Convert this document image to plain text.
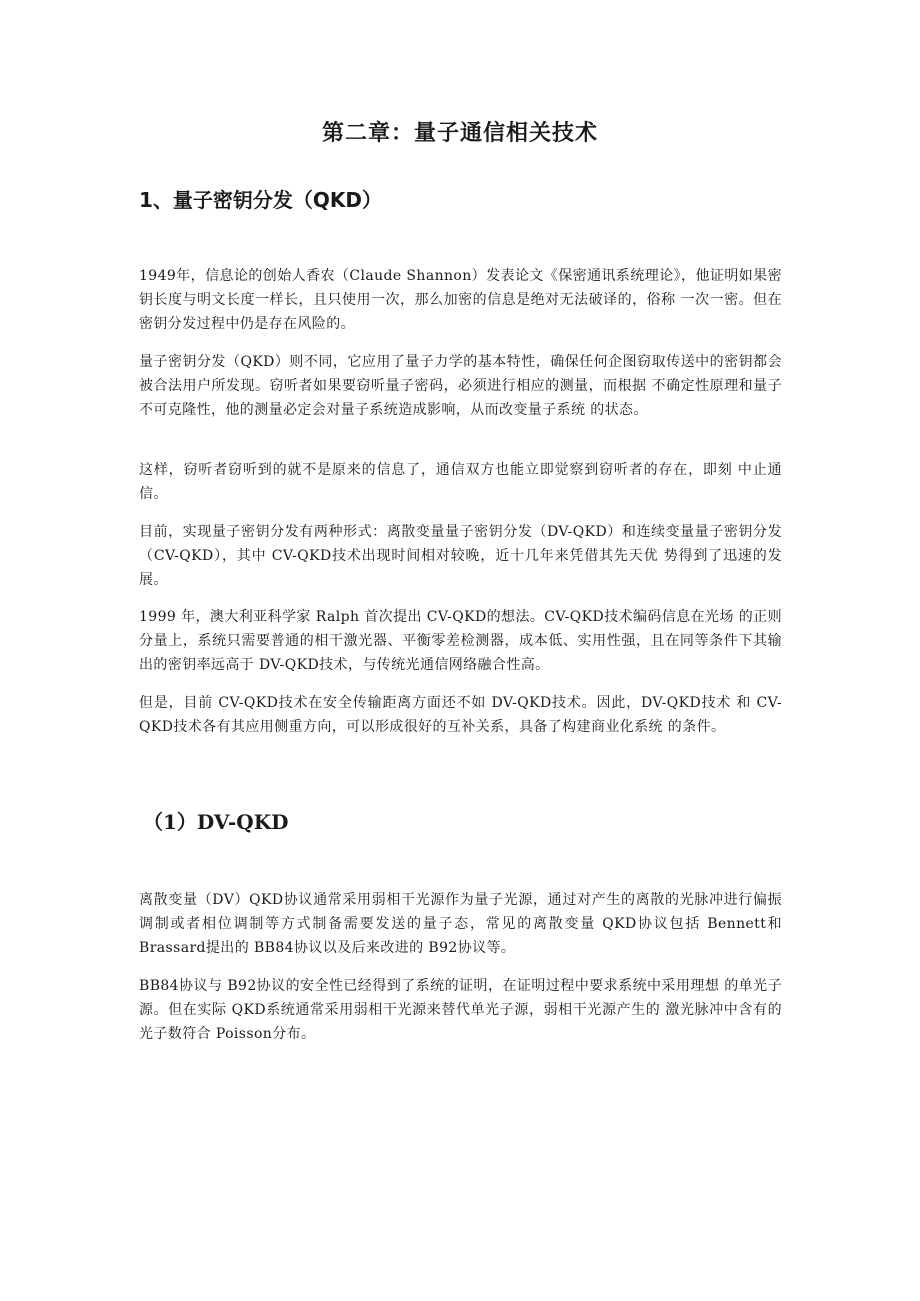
第二章：量子通信相关技术
1、量子密钥分发（QKD）

1949年，信息论的创始人香农（Claude Shannon）发表论文《保密通讯系统理论》，他证明如果密钥长度与明文长度一样长，且只使用一次，那么加密的信息是绝对无法破译的，俗称 一次一密。但在密钥分发过程中仍是存在风险的。

量子密钥分发（QKD）则不同，它应用了量子力学的基本特性，确保任何企图窃取传送中的密钥都会被合法用户所发现。窃听者如果要窃听量子密码，必须进行相应的测量，而根据 不确定性原理和量子不可克隆性，他的测量必定会对量子系统造成影响，从而改变量子系统 的状态。

这样，窃听者窃听到的就不是原来的信息了，通信双方也能立即觉察到窃听者的存在，即刻 中止通信。

目前，实现量子密钥分发有两种形式：离散变量量子密钥分发（DV-QKD）和连续变量量子密钥分发（CV-QKD），其中 CV-QKD技术出现时间相对较晚，近十几年来凭借其先天优 势得到了迅速的发展。

1999 年，澳大利亚科学家 Ralph 首次提出 CV-QKD的想法。CV-QKD技术编码信息在光场 的正则分量上，系统只需要普通的相干激光器、平衡零差检测器，成本低、实用性强，且在同等条件下其输出的密钥率远高于 DV-QKD技术，与传统光通信网络融合性高。

但是，目前 CV-QKD技术在安全传输距离方面还不如 DV-QKD技术。因此，DV-QKD技术 和 CV-QKD技术各有其应用侧重方向，可以形成很好的互补关系，具备了构建商业化系统 的条件。

（1）DV-QKD

离散变量（DV）QKD协议通常采用弱相干光源作为量子光源，通过对产生的离散的光脉冲进行偏振调制或者相位调制等方式制备需要发送的量子态，常见的离散变量 QKD协议包括 Bennett和 Brassard提出的 BB84协议以及后来改进的 B92协议等。

BB84协议与 B92协议的安全性已经得到了系统的证明，在证明过程中要求系统中采用理想 的单光子源。但在实际 QKD系统通常采用弱相干光源来替代单光子源，弱相干光源产生的 激光脉冲中含有的光子数符合 Poisson分布。
